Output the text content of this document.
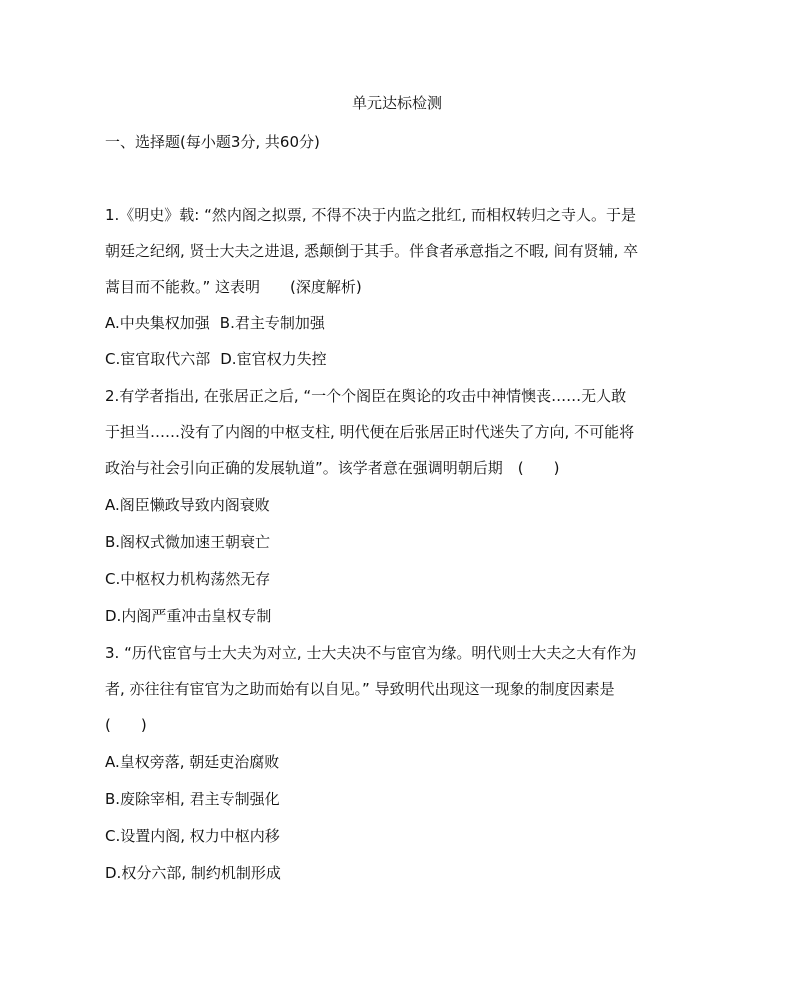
单元达标检测
一、选择题(每小题3分, 共60分)
1.《明史》载: “然内阁之拟票, 不得不决于内监之批红, 而相权转归之寺人。于是
朝廷之纪纲, 贤士大夫之进退, 悉颠倒于其手。伴食者承意指之不暇, 间有贤辅, 卒
蒿目而不能救。” 这表明　　(深度解析)
A.中央集权加强 B.君主专制加强
C.宦官取代六部 D.宦官权力失控
2.有学者指出, 在张居正之后, “一个个阁臣在舆论的攻击中神情懊丧……无人敢
于担当……没有了内阁的中枢支柱, 明代便在后张居正时代迷失了方向, 不可能将
政治与社会引向正确的发展轨道”。该学者意在强调明朝后期　(　　)
A.阁臣懒政导致内阁衰败
B.阁权式微加速王朝衰亡
C.中枢权力机构荡然无存
D.内阁严重冲击皇权专制
3. “历代宦官与士大夫为对立, 士大夫决不与宦官为缘。明代则士大夫之大有作为
者, 亦往往有宦官为之助而始有以自见。” 导致明代出现这一现象的制度因素是
(　　)
A.皇权旁落, 朝廷吏治腐败
B.废除宰相, 君主专制强化
C.设置内阁, 权力中枢内移
D.权分六部, 制约机制形成
